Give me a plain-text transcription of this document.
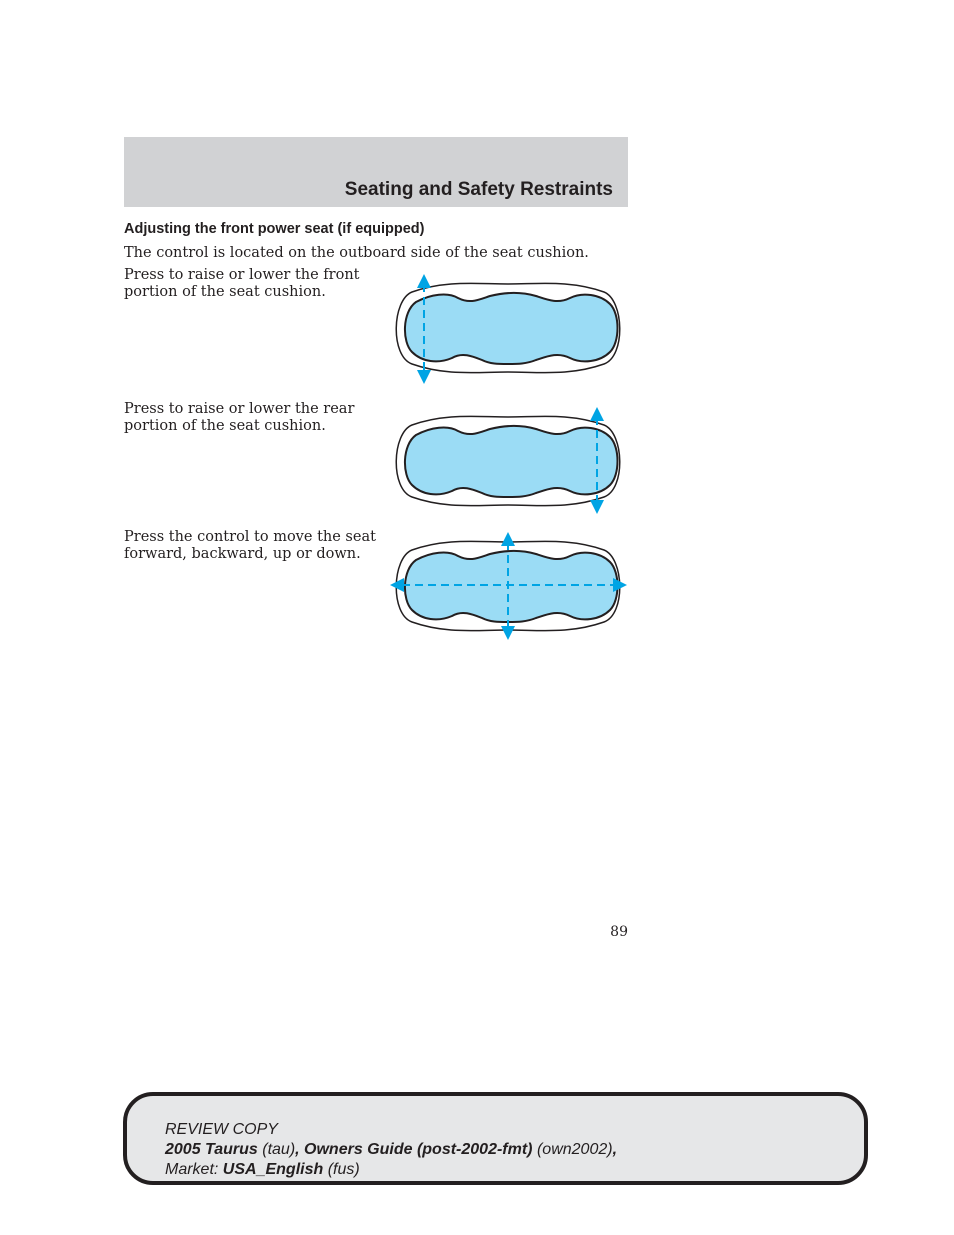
Seating and Safety Restraints
Adjusting the front power seat (if equipped)
The control is located on the outboard side of the seat cushion.
Press to raise or lower the front
portion of the seat cushion.
Press to raise or lower the rear
portion of the seat cushion.
Press the control to move the seat
forward, backward, up or down.
89
REVIEW COPY
2005 Taurus (tau), Owners Guide (post-2002-fmt) (own2002),
Market: USA_English (fus)
